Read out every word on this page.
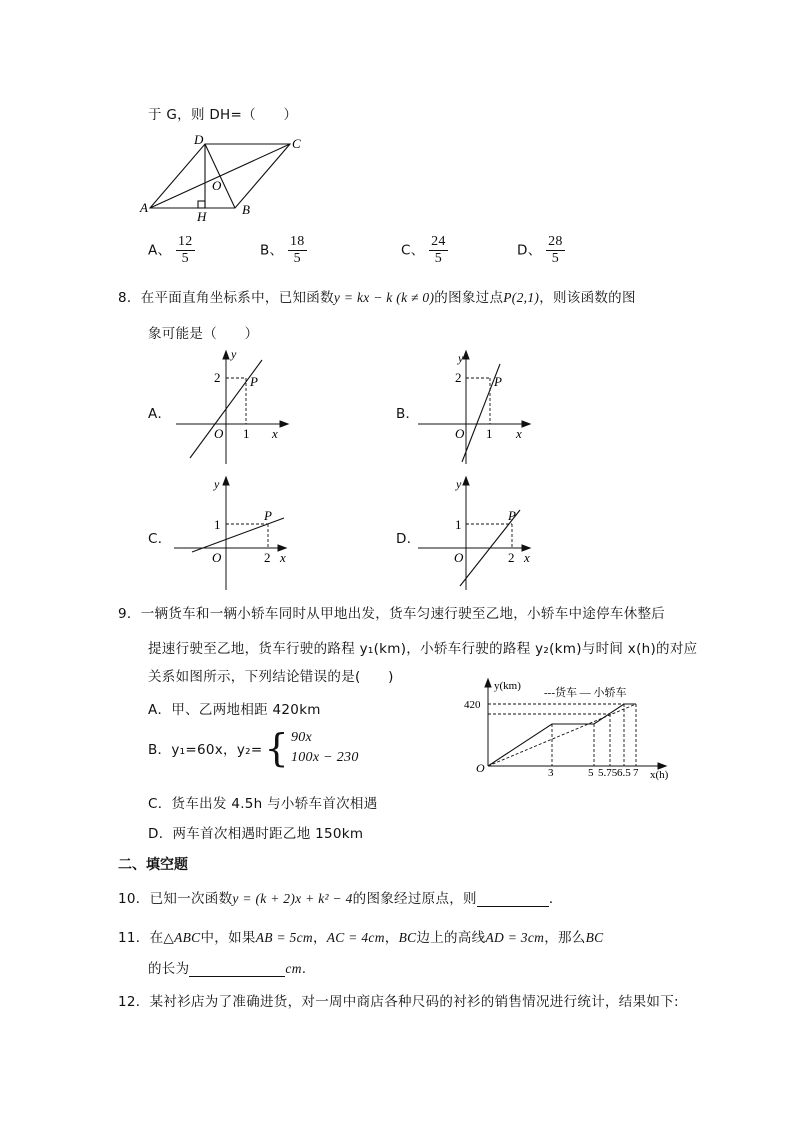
于 G，则 DH=（　　）
A	B
C
D
O
H
A、 $\frac{12}{5}$	B、 $\frac{18}{5}$	C、 $\frac{24}{5}$	D、 $\frac{28}{5}$
8．在平面直角坐标系中，已知函数y = kx − k (k ≠ 0)的图象过点P(2,1)，则该函数的图
象可能是（　　）
A．
y
2 P
O 1 x
B．
y
2	P
O 1 x
C．
y
1
P
O	2 x
D．
y
1
P
O	2 x
9．一辆货车和一辆小轿车同时从甲地出发，货车匀速行驶至乙地，小轿车中途停车休整后
提速行驶至乙地，货车行驶的路程 y₁(km)，小轿车行驶的路程 y₂(km)与时间 x(h)的对应
关系如图所示，下列结论错误的是(　　)
A．甲、乙两地相距 420km
B．y₁=60x，y₂= { 90x
100x − 230
C．货车出发 4.5h 与小轿车首次相遇
D．两车首次相遇时距乙地 150km
y(km)
---货车 — 小轿车
420
O	3	5 5.75 6.5 7 x(h)
二、填空题
10．已知一次函数y = (k + 2)x + k² − 4的图象经过原点，则	．
11．在△ABC中，如果AB = 5cm，AC = 4cm，BC边上的高线AD = 3cm，那么BC
的长为	cm.
12．某衬衫店为了准确进货，对一周中商店各种尺码的衬衫的销售情况进行统计，结果如下:
